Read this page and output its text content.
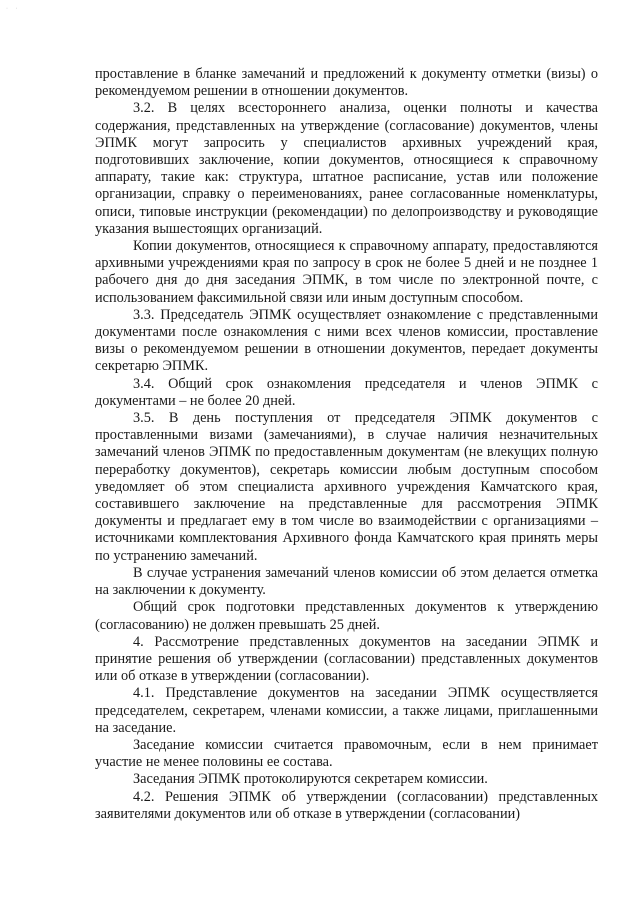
· ·

проставление в бланке замечаний и предложений к документу отметки (визы) о рекомендуемом решении в отношении документов.

3.2. В целях всестороннего анализа, оценки полноты и качества содержания, представленных на утверждение (согласование) документов, члены ЭПМК могут запросить у специалистов архивных учреждений края, подготовивших заключение, копии документов, относящиеся к справочному аппарату, такие как: структура, штатное расписание, устав или положение организации, справку о переименованиях, ранее согласованные номенклатуры, описи, типовые инструкции (рекомендации) по делопроизводству и руководящие указания вышестоящих организаций.

Копии документов, относящиеся к справочному аппарату, предоставляются архивными учреждениями края по запросу в срок не более 5 дней и не позднее 1 рабочего дня до дня заседания ЭПМК, в том числе по электронной почте, с использованием факсимильной связи или иным доступным способом.

3.3. Председатель ЭПМК осуществляет ознакомление с представленными документами после ознакомления с ними всех членов комиссии, проставление визы о рекомендуемом решении в отношении документов, передает документы секретарю ЭПМК.

3.4. Общий срок ознакомления председателя и членов ЭПМК с документами – не более 20 дней.

3.5. В день поступления от председателя ЭПМК документов с проставленными визами (замечаниями), в случае наличия незначительных замечаний членов ЭПМК по предоставленным документам (не влекущих полную переработку документов), секретарь комиссии любым доступным способом уведомляет об этом специалиста архивного учреждения Камчатского края, составившего заключение на представленные для рассмотрения ЭПМК документы и предлагает ему в том числе во взаимодействии с организациями – источниками комплектования Архивного фонда Камчатского края принять меры по устранению замечаний.

В случае устранения замечаний членов комиссии об этом делается отметка на заключении к документу.

Общий срок подготовки представленных документов к утверждению (согласованию) не должен превышать 25 дней.

4. Рассмотрение представленных документов на заседании ЭПМК и принятие решения об утверждении (согласовании) представленных документов или об отказе в утверждении (согласовании).

4.1. Представление документов на заседании ЭПМК осуществляется председателем, секретарем, членами комиссии, а также лицами, приглашенными на заседание.

Заседание комиссии считается правомочным, если в нем принимает участие не менее половины ее состава.

Заседания ЭПМК протоколируются секретарем комиссии.

4.2. Решения ЭПМК об утверждении (согласовании) представленных заявителями документов или об отказе в утверждении (согласовании)
